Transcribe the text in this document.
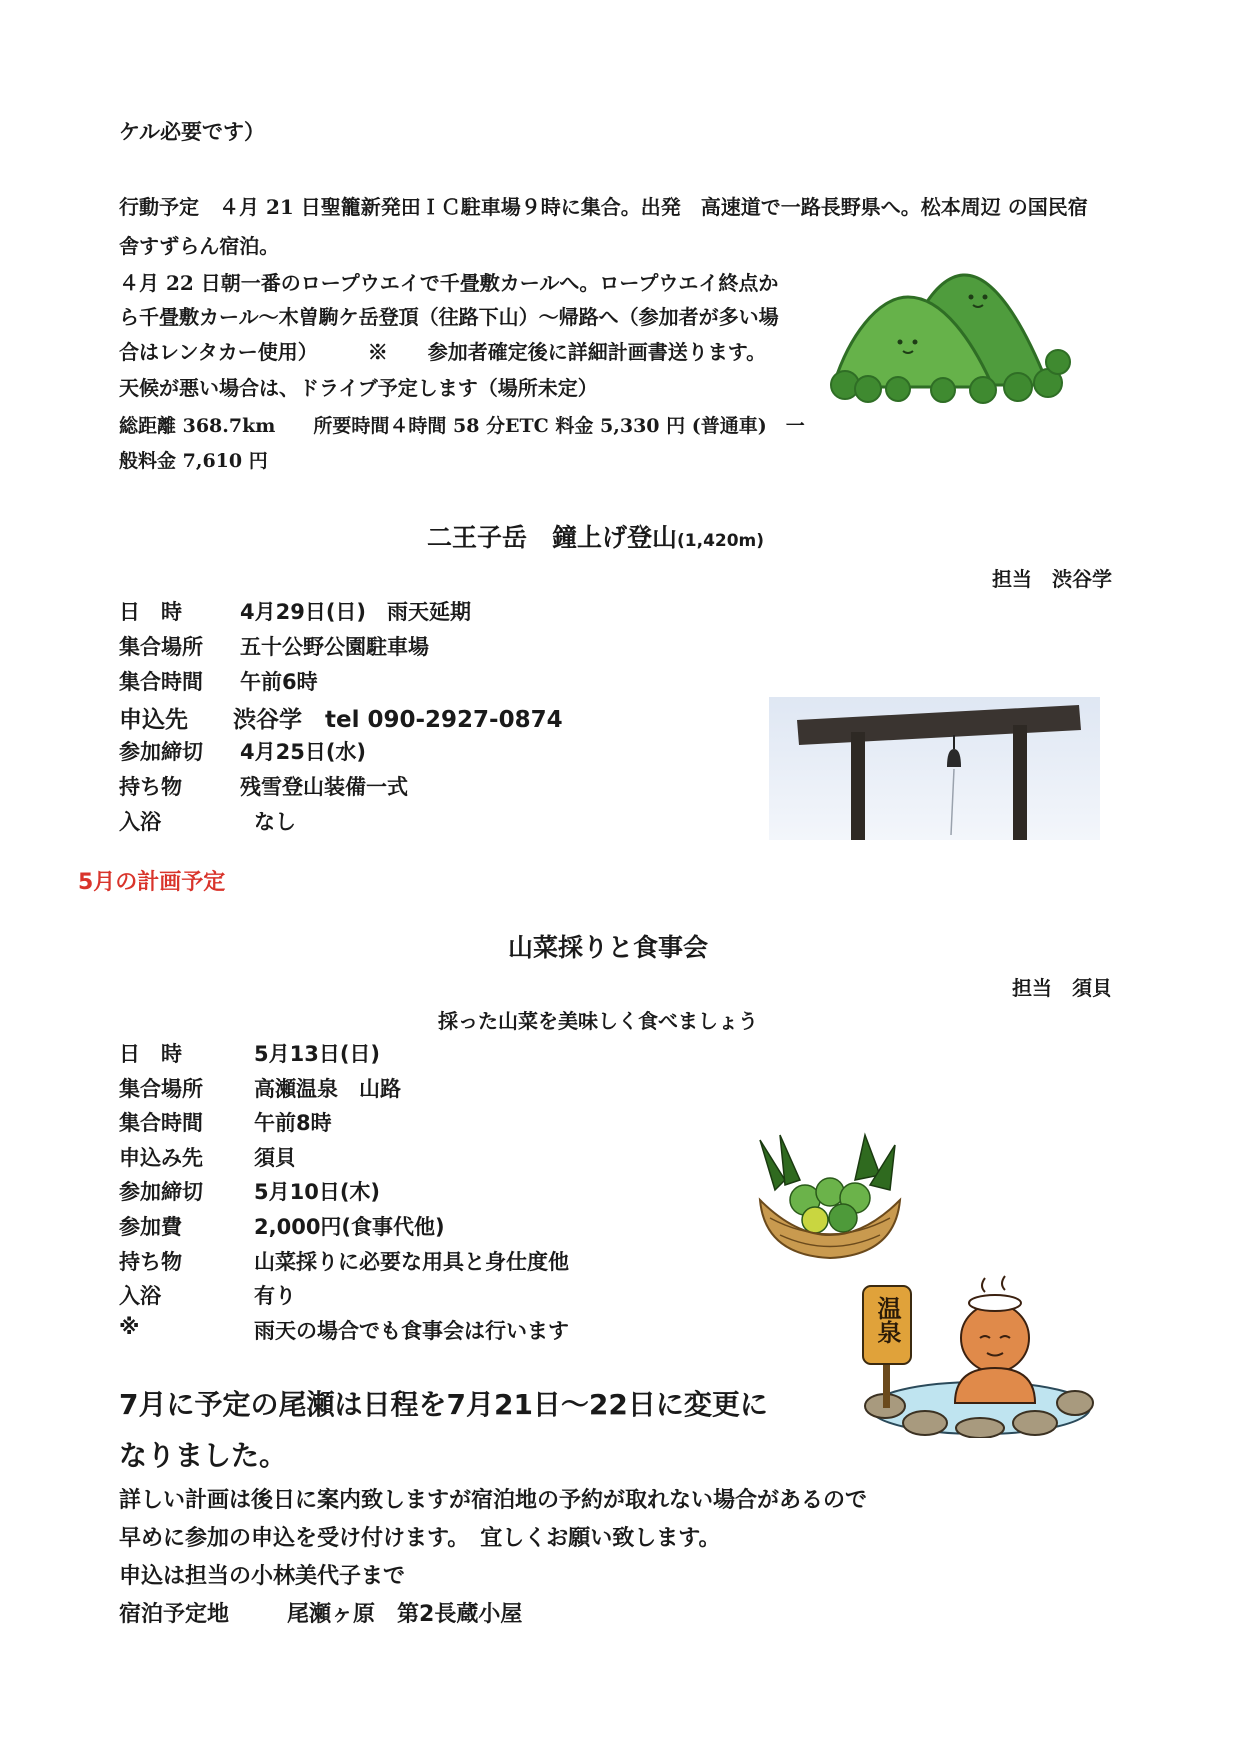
ケル必要です）
行動予定　４月 21 日聖籠新発田ＩＣ駐車場９時に集合。出発　高速道で一路長野県へ。松本周辺 の国民宿
舎すずらん宿泊。
４月 22 日朝一番のロープウエイで千畳敷カールへ。ロープウエイ終点か
ら千畳敷カール〜木曽駒ケ岳登頂（往路下山）〜帰路へ（参加者が多い場
合はレンタカー使用）　　　※　　参加者確定後に詳細計画書送ります。
天候が悪い場合は、ドライブ予定します（場所未定）
総距離 368.7km　　所要時間４時間 58 分ETC 料金 5,330 円 (普通車)　一
般料金 7,610 円
二王子岳　鐘上げ登山(1,420m)
担当　渋谷学
日　時	4月29日(日)　雨天延期
集合場所 五十公野公園駐車場
集合時間 午前6時
申込先 渋谷学　tel 090-2927-0874
参加締切 4月25日(水)
持ち物	残雪登山装備一式
入浴	なし
5月の計画予定
山菜採りと食事会
担当　須貝
採った山菜を美味しく食べましょう
日　時	5月13日(日)
集合場所 高瀬温泉　山路
集合時間 午前8時
申込み先 須貝
参加締切 5月10日(木)
参加費	2,000円(食事代他)
持ち物	山菜採りに必要な用具と身仕度他
入浴	有り
※	雨天の場合でも食事会は行います	温泉
7月に予定の尾瀬は日程を7月21日〜22日に変更に
なりました。
詳しい計画は後日に案内致しますが宿泊地の予約が取れない場合があるので
早めに参加の申込を受け付けます。　宜しくお願い致します。
申込は担当の小林美代子まで
宿泊予定地	尾瀬ヶ原　第2長蔵小屋
